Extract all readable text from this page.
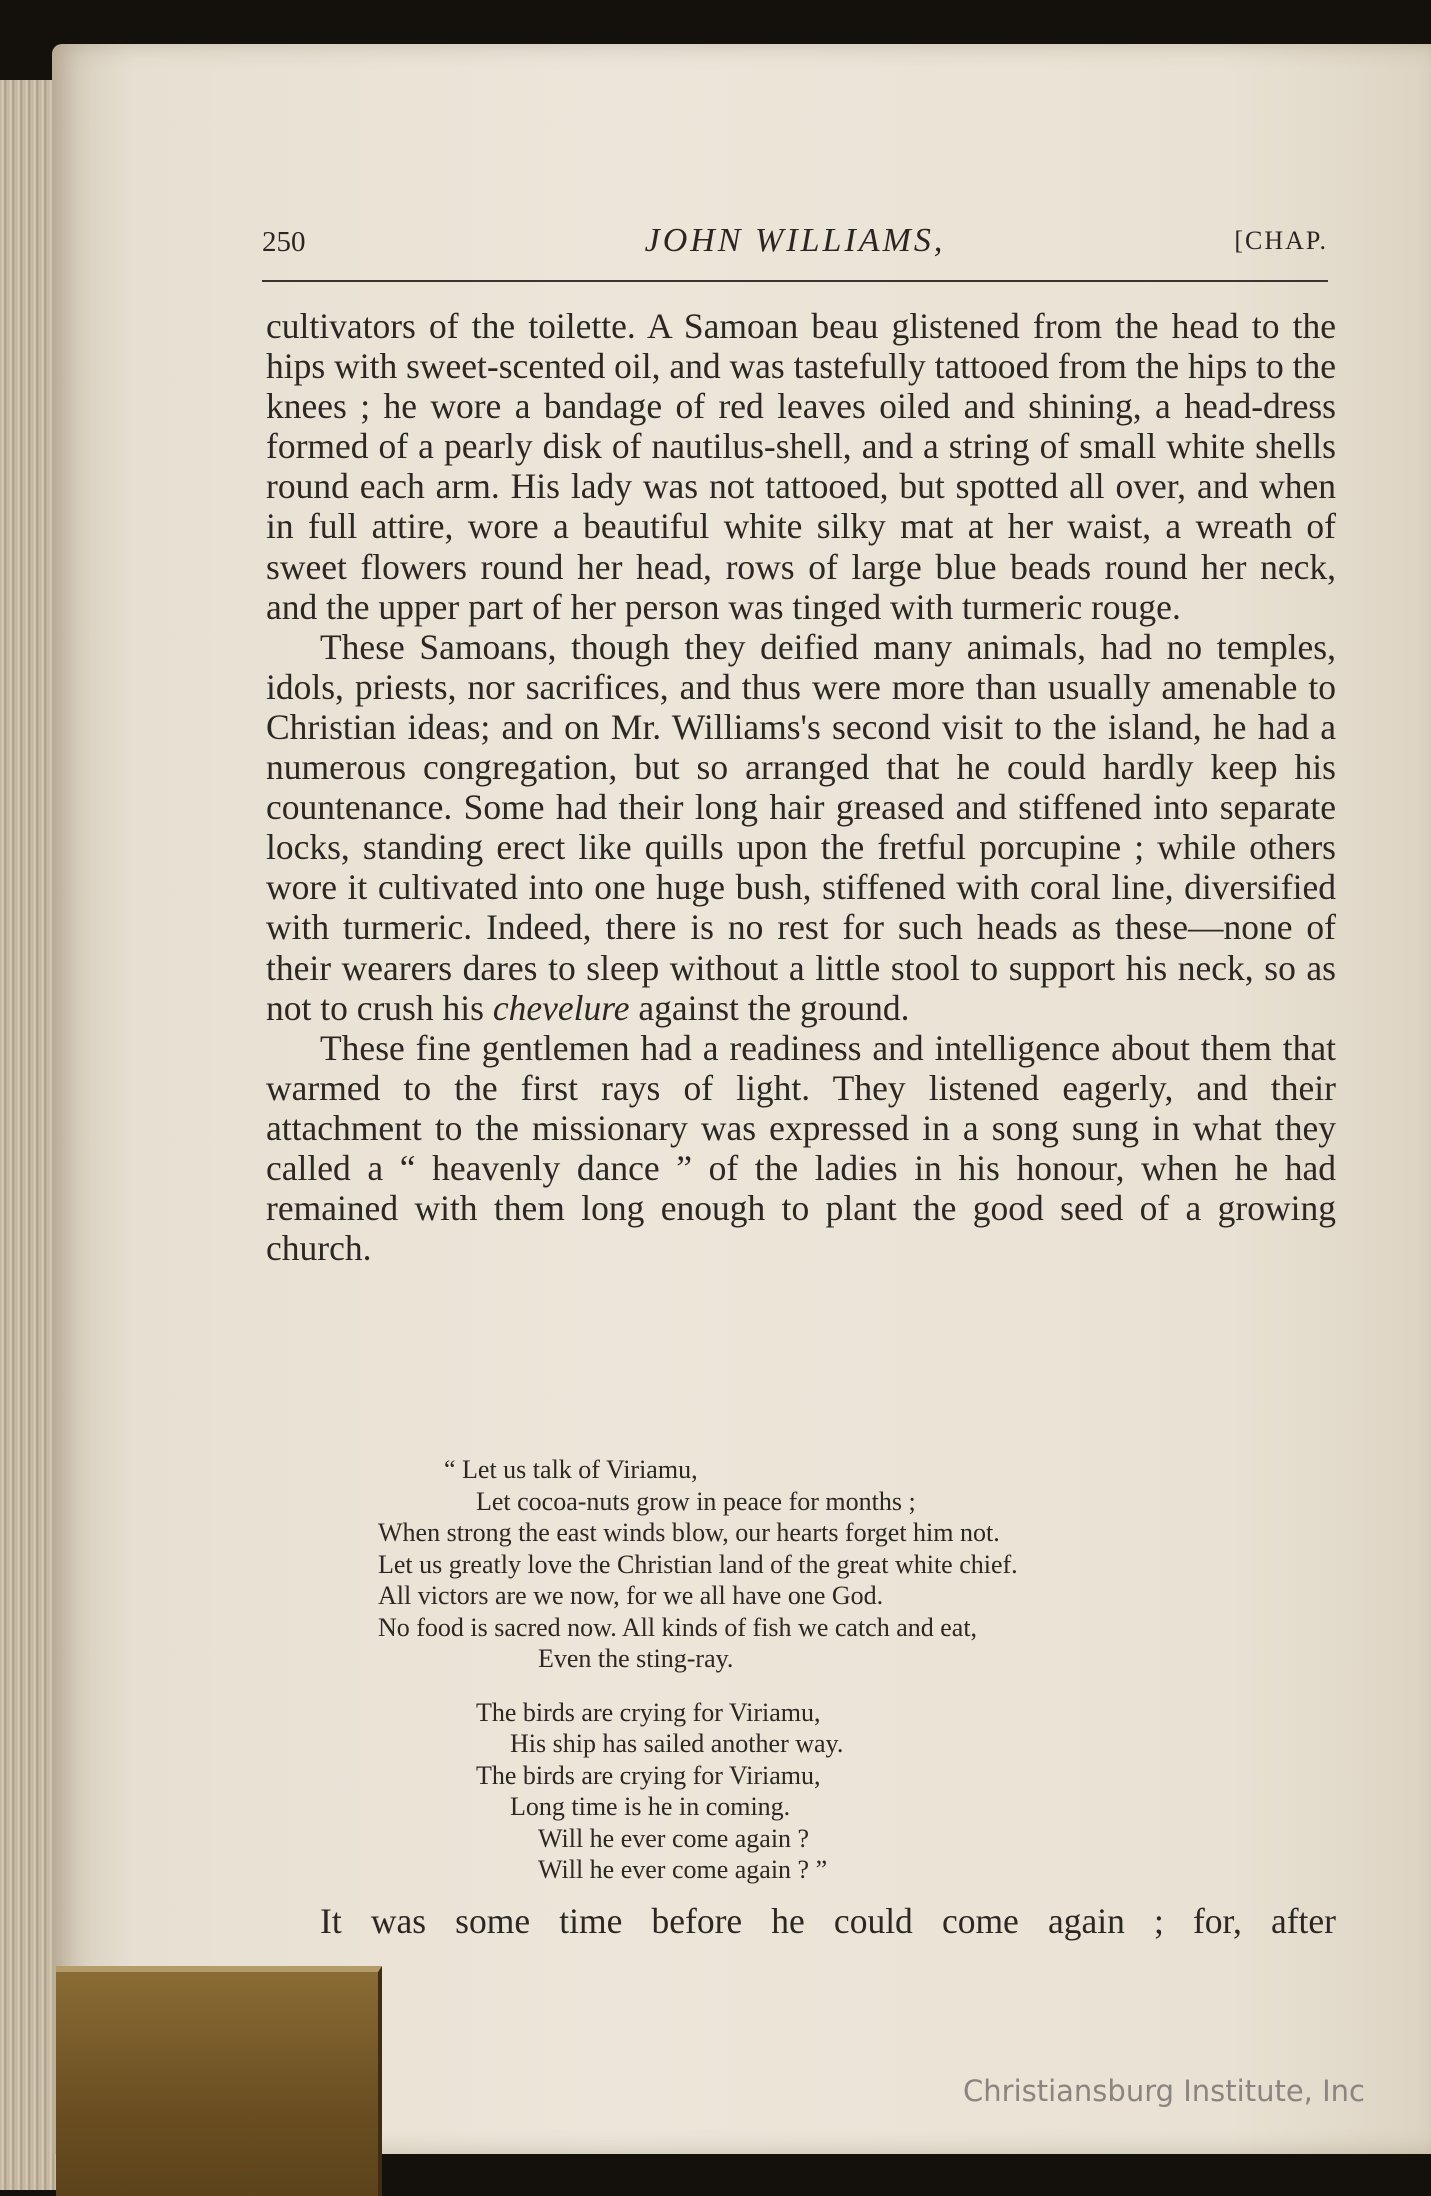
250	JOHN WILLIAMS,	[CHAP.

cultivators of the toilette. A Samoan beau glistened from the head to the hips with sweet-scented oil, and was tastefully tattooed from the hips to the knees ; he wore a bandage of red leaves oiled and shining, a head-dress formed of a pearly disk of nautilus-shell, and a string of small white shells round each arm. His lady was not tattooed, but spotted all over, and when in full attire, wore a beautiful white silky mat at her waist, a wreath of sweet flowers round her head, rows of large blue beads round her neck, and the upper part of her person was tinged with turmeric rouge.

These Samoans, though they deified many animals, had no temples, idols, priests, nor sacrifices, and thus were more than usually amenable to Christian ideas; and on Mr. Williams's second visit to the island, he had a numerous congregation, but so arranged that he could hardly keep his countenance. Some had their long hair greased and stiffened into separate locks, standing erect like quills upon the fretful porcupine ; while others wore it cultivated into one huge bush, stiffened with coral line, diversified with turmeric. Indeed, there is no rest for such heads as these—none of their wearers dares to sleep without a little stool to support his neck, so as not to crush his chevelure against the ground.

These fine gentlemen had a readiness and intelligence about them that warmed to the first rays of light. They listened eagerly, and their attachment to the missionary was expressed in a song sung in what they called a “ heavenly dance ” of the ladies in his honour, when he had remained with them long enough to plant the good seed of a growing church.

“ Let us talk of Viriamu,
Let cocoa-nuts grow in peace for months ;
When strong the east winds blow, our hearts forget him not.
Let us greatly love the Christian land of the great white chief.
All victors are we now, for we all have one God.
No food is sacred now. All kinds of fish we catch and eat,
Even the sting-ray.
The birds are crying for Viriamu,
His ship has sailed another way.
The birds are crying for Viriamu,
Long time is he in coming.
Will he ever come again ?
Will he ever come again ? ”
It was some time before he could come again ; for, after
Christiansburg Institute, Inc
